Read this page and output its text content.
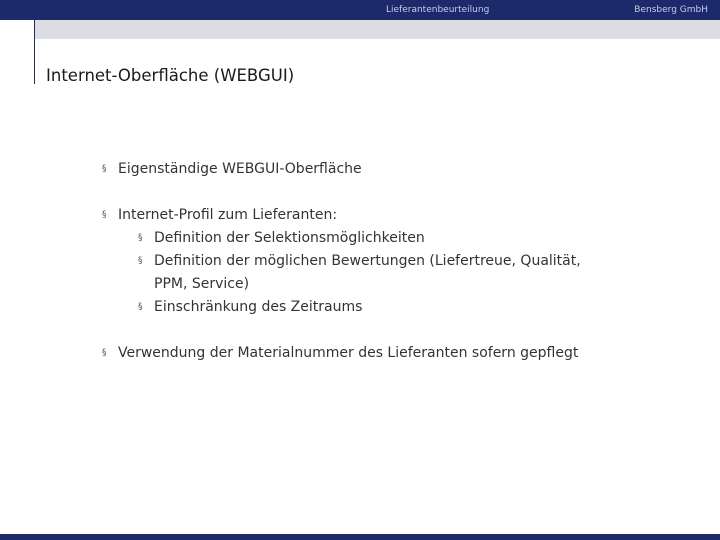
Lieferantenbeurteilung	Bensberg GmbH
Internet-Oberfläche (WEBGUI)
§ Eigenständige WEBGUI-Oberfläche
§ Internet-Profil zum Lieferanten:
§ Definition der Selektionsmöglichkeiten
§ Definition der möglichen Bewertungen (Liefertreue, Qualität, PPM, Service)
§ Einschränkung des Zeitraums
§ Verwendung der Materialnummer des Lieferanten sofern gepflegt
